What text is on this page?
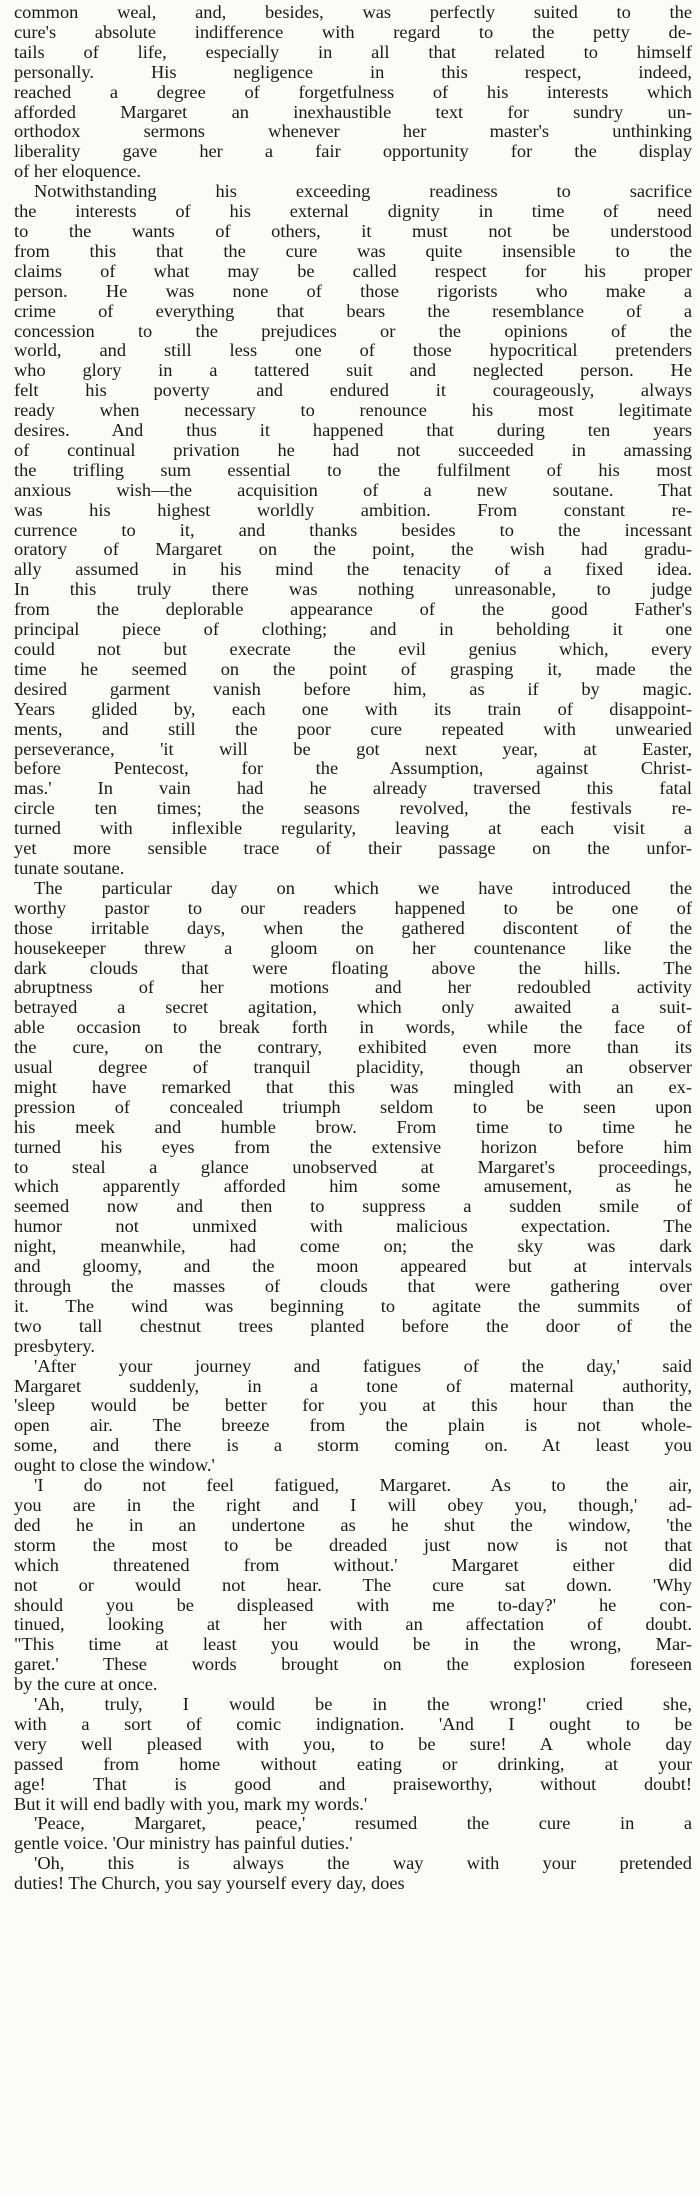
common weal, and, besides, was perfectly suited to the
cure's absolute indifference with regard to the petty de-
tails of life, especially in all that related to himself
personally. His negligence in this respect, indeed,
reached a degree of forgetfulness of his interests which
afforded Margaret an inexhaustible text for sundry un-
orthodox sermons whenever her master's unthinking
liberality gave her a fair opportunity for the display
of her eloquence.
Notwithstanding his exceeding readiness to sacrifice
the interests of his external dignity in time of need
to the wants of others, it must not be understood
from this that the cure was quite insensible to the
claims of what may be called respect for his proper
person. He was none of those rigorists who make a
crime of everything that bears the resemblance of a
concession to the prejudices or the opinions of the
world, and still less one of those hypocritical pretenders
who glory in a tattered suit and neglected person. He
felt his poverty and endured it courageously, always
ready when necessary to renounce his most legitimate
desires. And thus it happened that during ten years
of continual privation he had not succeeded in amassing
the trifling sum essential to the fulfilment of his most
anxious wish—the acquisition of a new soutane. That
was his highest worldly ambition. From constant re-
currence to it, and thanks besides to the incessant
oratory of Margaret on the point, the wish had gradu-
ally assumed in his mind the tenacity of a fixed idea.
In this truly there was nothing unreasonable, to judge
from the deplorable appearance of the good Father's
principal piece of clothing; and in beholding it one
could not but execrate the evil genius which, every
time he seemed on the point of grasping it, made the
desired garment vanish before him, as if by magic.
Years glided by, each one with its train of disappoint-
ments, and still the poor cure repeated with unwearied
perseverance, 'it will be got next year, at Easter,
before Pentecost, for the Assumption, against Christ-
mas.' In vain had he already traversed this fatal
circle ten times; the seasons revolved, the festivals re-
turned with inflexible regularity, leaving at each visit a
yet more sensible trace of their passage on the unfor-
tunate soutane.
The particular day on which we have introduced the
worthy pastor to our readers happened to be one of
those irritable days, when the gathered discontent of the
housekeeper threw a gloom on her countenance like the
dark clouds that were floating above the hills. The
abruptness of her motions and her redoubled activity
betrayed a secret agitation, which only awaited a suit-
able occasion to break forth in words, while the face of
the cure, on the contrary, exhibited even more than its
usual degree of tranquil placidity, though an observer
might have remarked that this was mingled with an ex-
pression of concealed triumph seldom to be seen upon
his meek and humble brow. From time to time he
turned his eyes from the extensive horizon before him
to steal a glance unobserved at Margaret's proceedings,
which apparently afforded him some amusement, as he
seemed now and then to suppress a sudden smile of
humor not unmixed with malicious expectation. The
night, meanwhile, had come on; the sky was dark
and gloomy, and the moon appeared but at intervals
through the masses of clouds that were gathering over
it. The wind was beginning to agitate the summits of
two tall chestnut trees planted before the door of the
presbytery.
'After your journey and fatigues of the day,' said
Margaret suddenly, in a tone of maternal authority,
'sleep would be better for you at this hour than the
open air. The breeze from the plain is not whole-
some, and there is a storm coming on. At least you
ought to close the window.'
'I do not feel fatigued, Margaret. As to the air,
you are in the right and I will obey you, though,' ad-
ded he in an undertone as he shut the window, 'the
storm the most to be dreaded just now is not that
which threatened from without.' Margaret either did
not or would not hear. The cure sat down. 'Why
should you be displeased with me to-day?' he con-
tinued, looking at her with an affectation of doubt.
"This time at least you would be in the wrong, Mar-
garet.' These words brought on the explosion foreseen
by the cure at once.
'Ah, truly, I would be in the wrong!' cried she,
with a sort of comic indignation. 'And I ought to be
very well pleased with you, to be sure! A whole day
passed from home without eating or drinking, at your
age! That is good and praiseworthy, without doubt!
But it will end badly with you, mark my words.'
'Peace, Margaret, peace,' resumed the cure in a
gentle voice. 'Our ministry has painful duties.'
'Oh, this is always the way with your pretended
duties! The Church, you say yourself every day, does
